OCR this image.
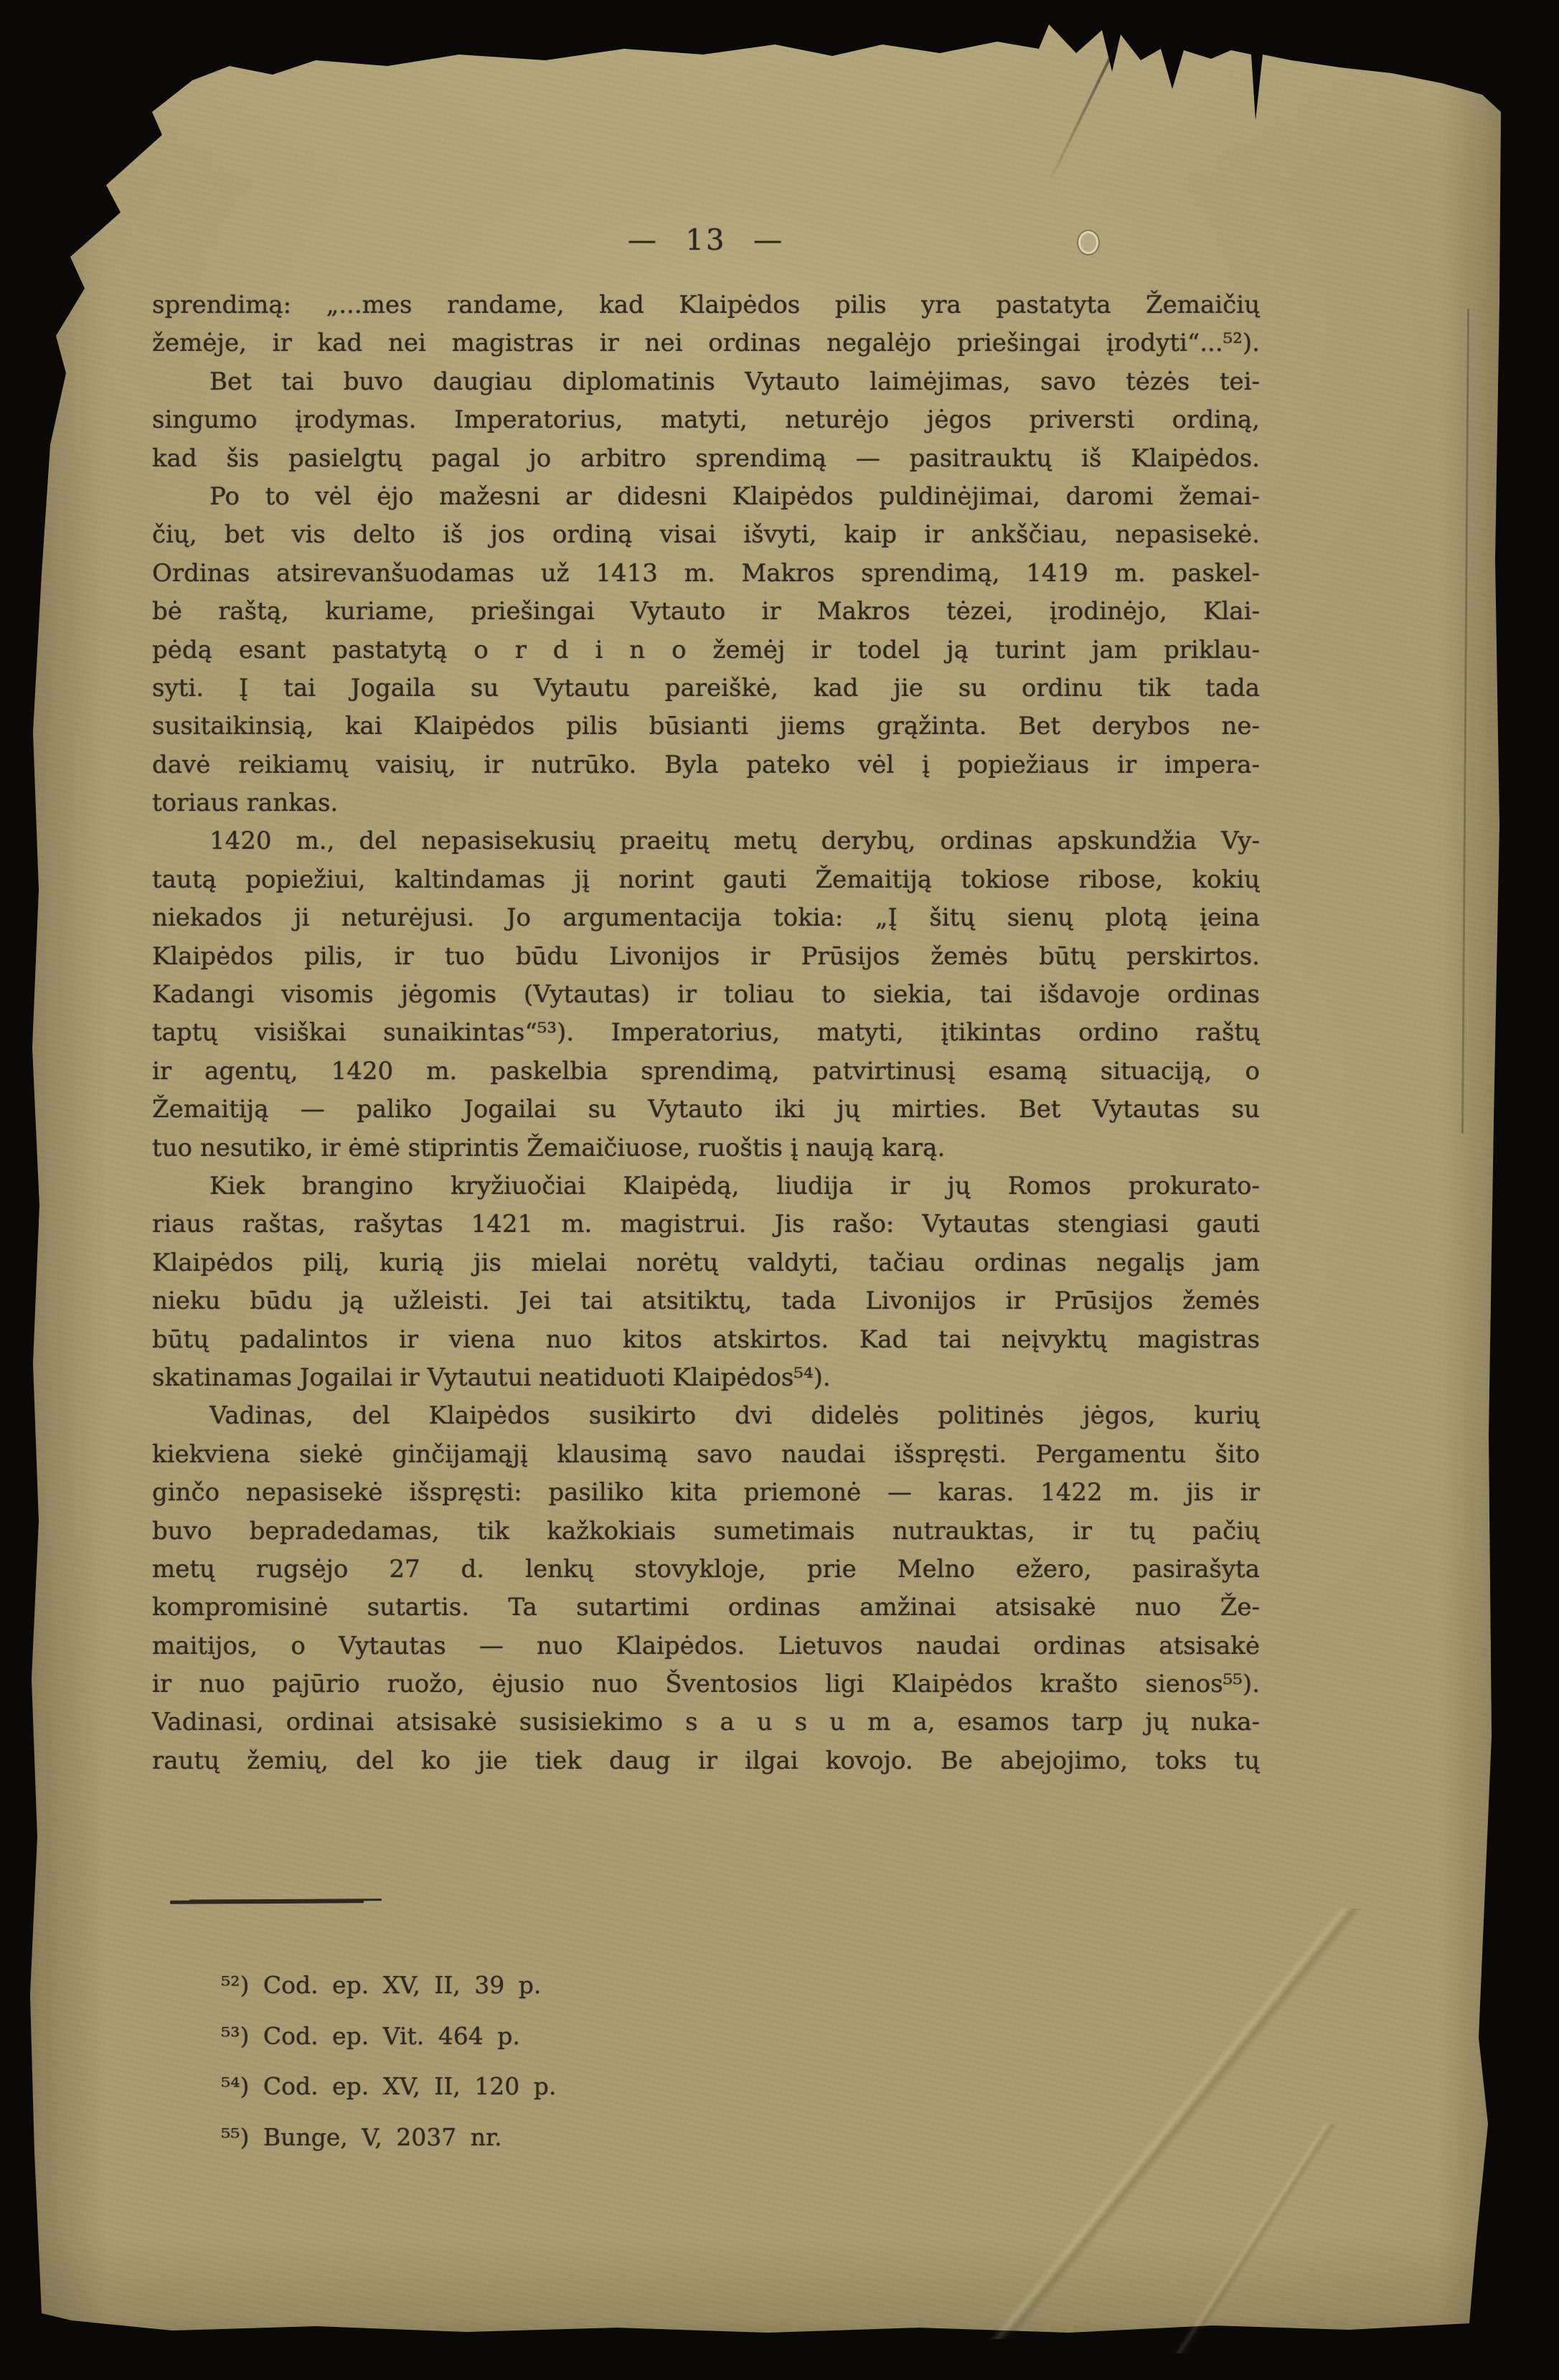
— 13 —
sprendimą: „...mes randame, kad Klaipėdos pilis yra pastatyta Žemaičių
žemėje, ir kad nei magistras ir nei ordinas negalėjo priešingai įrodyti“...⁵²).
Bet tai buvo daugiau diplomatinis Vytauto laimėjimas, savo tėzės tei-
singumo įrodymas. Imperatorius, matyti, neturėjo jėgos priversti ordiną,
kad šis pasielgtų pagal jo arbitro sprendimą — pasitrauktų iš Klaipėdos.
Po to vėl ėjo mažesni ar didesni Klaipėdos puldinėjimai, daromi žemai-
čių, bet vis delto iš jos ordiną visai išvyti, kaip ir ankščiau, nepasisekė.
Ordinas atsirevanšuodamas už 1413 m. Makros sprendimą, 1419 m. paskel-
bė raštą, kuriame, priešingai Vytauto ir Makros tėzei, įrodinėjo, Klai-
pėdą esant pastatytą o r d i n o žemėj ir todel ją turint jam priklau-
syti. Į tai Jogaila su Vytautu pareiškė, kad jie su ordinu tik tada
susitaikinsią, kai Klaipėdos pilis būsianti jiems grąžinta. Bet derybos ne-
davė reikiamų vaisių, ir nutrūko. Byla pateko vėl į popiežiaus ir impera-
toriaus rankas.
1420 m., del nepasisekusių praeitų metų derybų, ordinas apskundžia Vy-
tautą popiežiui, kaltindamas jį norint gauti Žemaitiją tokiose ribose, kokių
niekados ji neturėjusi. Jo argumentacija tokia: „Į šitų sienų plotą įeina
Klaipėdos pilis, ir tuo būdu Livonijos ir Prūsijos žemės būtų perskirtos.
Kadangi visomis jėgomis (Vytautas) ir toliau to siekia, tai išdavoje ordinas
taptų visiškai sunaikintas“⁵³). Imperatorius, matyti, įtikintas ordino raštų
ir agentų, 1420 m. paskelbia sprendimą, patvirtinusį esamą situaciją, o
Žemaitiją — paliko Jogailai su Vytauto iki jų mirties. Bet Vytautas su
tuo nesutiko, ir ėmė stiprintis Žemaičiuose, ruoštis į naują karą.
Kiek brangino kryžiuočiai Klaipėdą, liudija ir jų Romos prokurato-
riaus raštas, rašytas 1421 m. magistrui. Jis rašo: Vytautas stengiasi gauti
Klaipėdos pilį, kurią jis mielai norėtų valdyti, tačiau ordinas negalįs jam
nieku būdu ją užleisti. Jei tai atsitiktų, tada Livonijos ir Prūsijos žemės
būtų padalintos ir viena nuo kitos atskirtos. Kad tai neįvyktų magistras
skatinamas Jogailai ir Vytautui neatiduoti Klaipėdos⁵⁴).
Vadinas, del Klaipėdos susikirto dvi didelės politinės jėgos, kurių
kiekviena siekė ginčijamąjį klausimą savo naudai išspręsti. Pergamentu šito
ginčo nepasisekė išspręsti: pasiliko kita priemonė — karas. 1422 m. jis ir
buvo bepradedamas, tik kažkokiais sumetimais nutrauktas, ir tų pačių
metų rugsėjo 27 d. lenkų stovykloje, prie Melno ežero, pasirašyta
kompromisinė sutartis. Ta sutartimi ordinas amžinai atsisakė nuo Že-
maitijos, o Vytautas — nuo Klaipėdos. Lietuvos naudai ordinas atsisakė
ir nuo pajūrio ruožo, ėjusio nuo Šventosios ligi Klaipėdos krašto sienos⁵⁵).
Vadinasi, ordinai atsisakė susisiekimo s a u s u m a, esamos tarp jų nuka-
rautų žemių, del ko jie tiek daug ir ilgai kovojo. Be abejojimo, toks tų
⁵²) Cod. ep. XV, II, 39 p.
⁵³) Cod. ep. Vit. 464 p.
⁵⁴) Cod. ep. XV, II, 120 p.
⁵⁵) Bunge, V, 2037 nr.
